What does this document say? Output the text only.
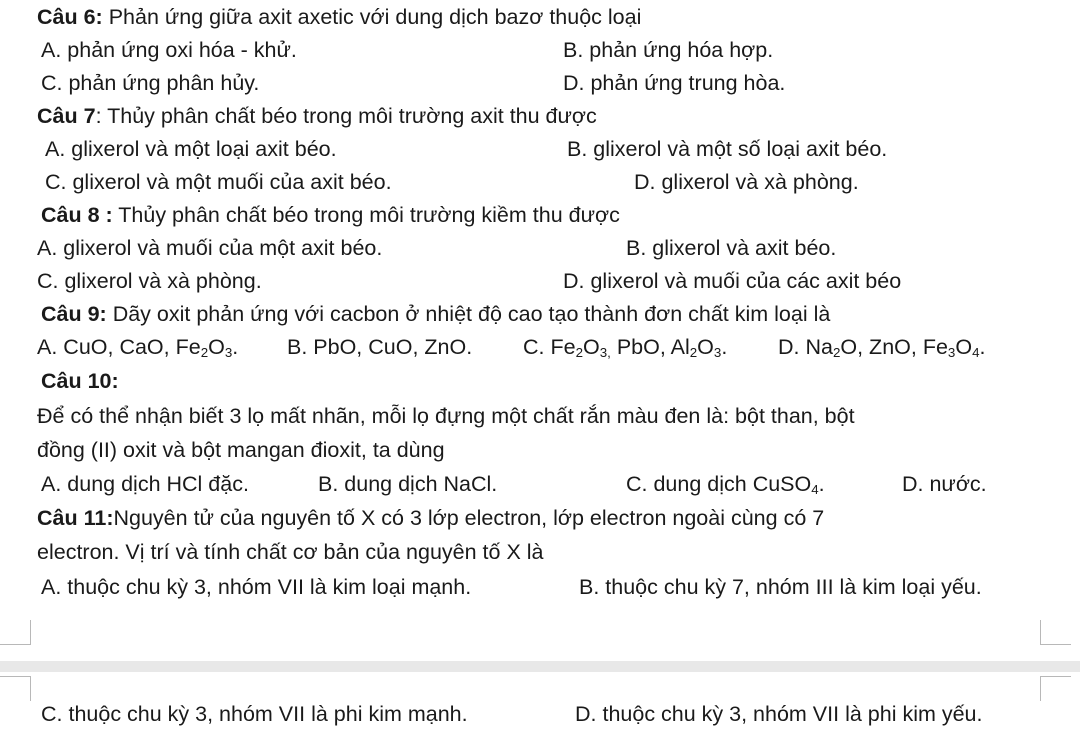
Câu 6: Phản ứng giữa axit axetic với dung dịch bazơ thuộc loại
A. phản ứng oxi hóa - khử.	B. phản ứng hóa hợp.
C. phản ứng phân hủy.	D. phản ứng trung hòa.
Câu 7: Thủy phân chất béo trong môi trường axit thu được
A. glixerol và một loại axit béo.	B. glixerol và một số loại axit béo.
C. glixerol và một muối của axit béo.	D. glixerol và xà phòng.
Câu 8 : Thủy phân chất béo trong môi trường kiềm thu được
A. glixerol và muối của một axit béo.	B. glixerol và axit béo.
C. glixerol và xà phòng.	D. glixerol và muối của các axit béo
Câu 9: Dãy oxit phản ứng với cacbon ở nhiệt độ cao tạo thành đơn chất kim loại là
A. CuO, CaO, $Fe_2O_3$. B. PbO, CuO, ZnO. C. $Fe_2O_{3,}$ PbO, $Al_2O_3$. D. $Na_2O$, ZnO, $Fe_3O_4$.
Câu 10:
Để có thể nhận biết 3 lọ mất nhãn, mỗi lọ đựng một chất rắn màu đen là: bột than, bột
đồng (II) oxit và bột mangan đioxit, ta dùng
A. dung dịch HCl đặc.	B. dung dịch NaCl.	C. dung dịch CuSO$_4$.	D. nước.
Câu 11:Nguyên tử của nguyên tố X có 3 lớp electron, lớp electron ngoài cùng có 7
electron. Vị trí và tính chất cơ bản của nguyên tố X là
A. thuộc chu kỳ 3, nhóm VII là kim loại mạnh.	B. thuộc chu kỳ 7, nhóm III là kim loại yếu.
C. thuộc chu kỳ 3, nhóm VII là phi kim mạnh.	D. thuộc chu kỳ 3, nhóm VII là phi kim yếu.
